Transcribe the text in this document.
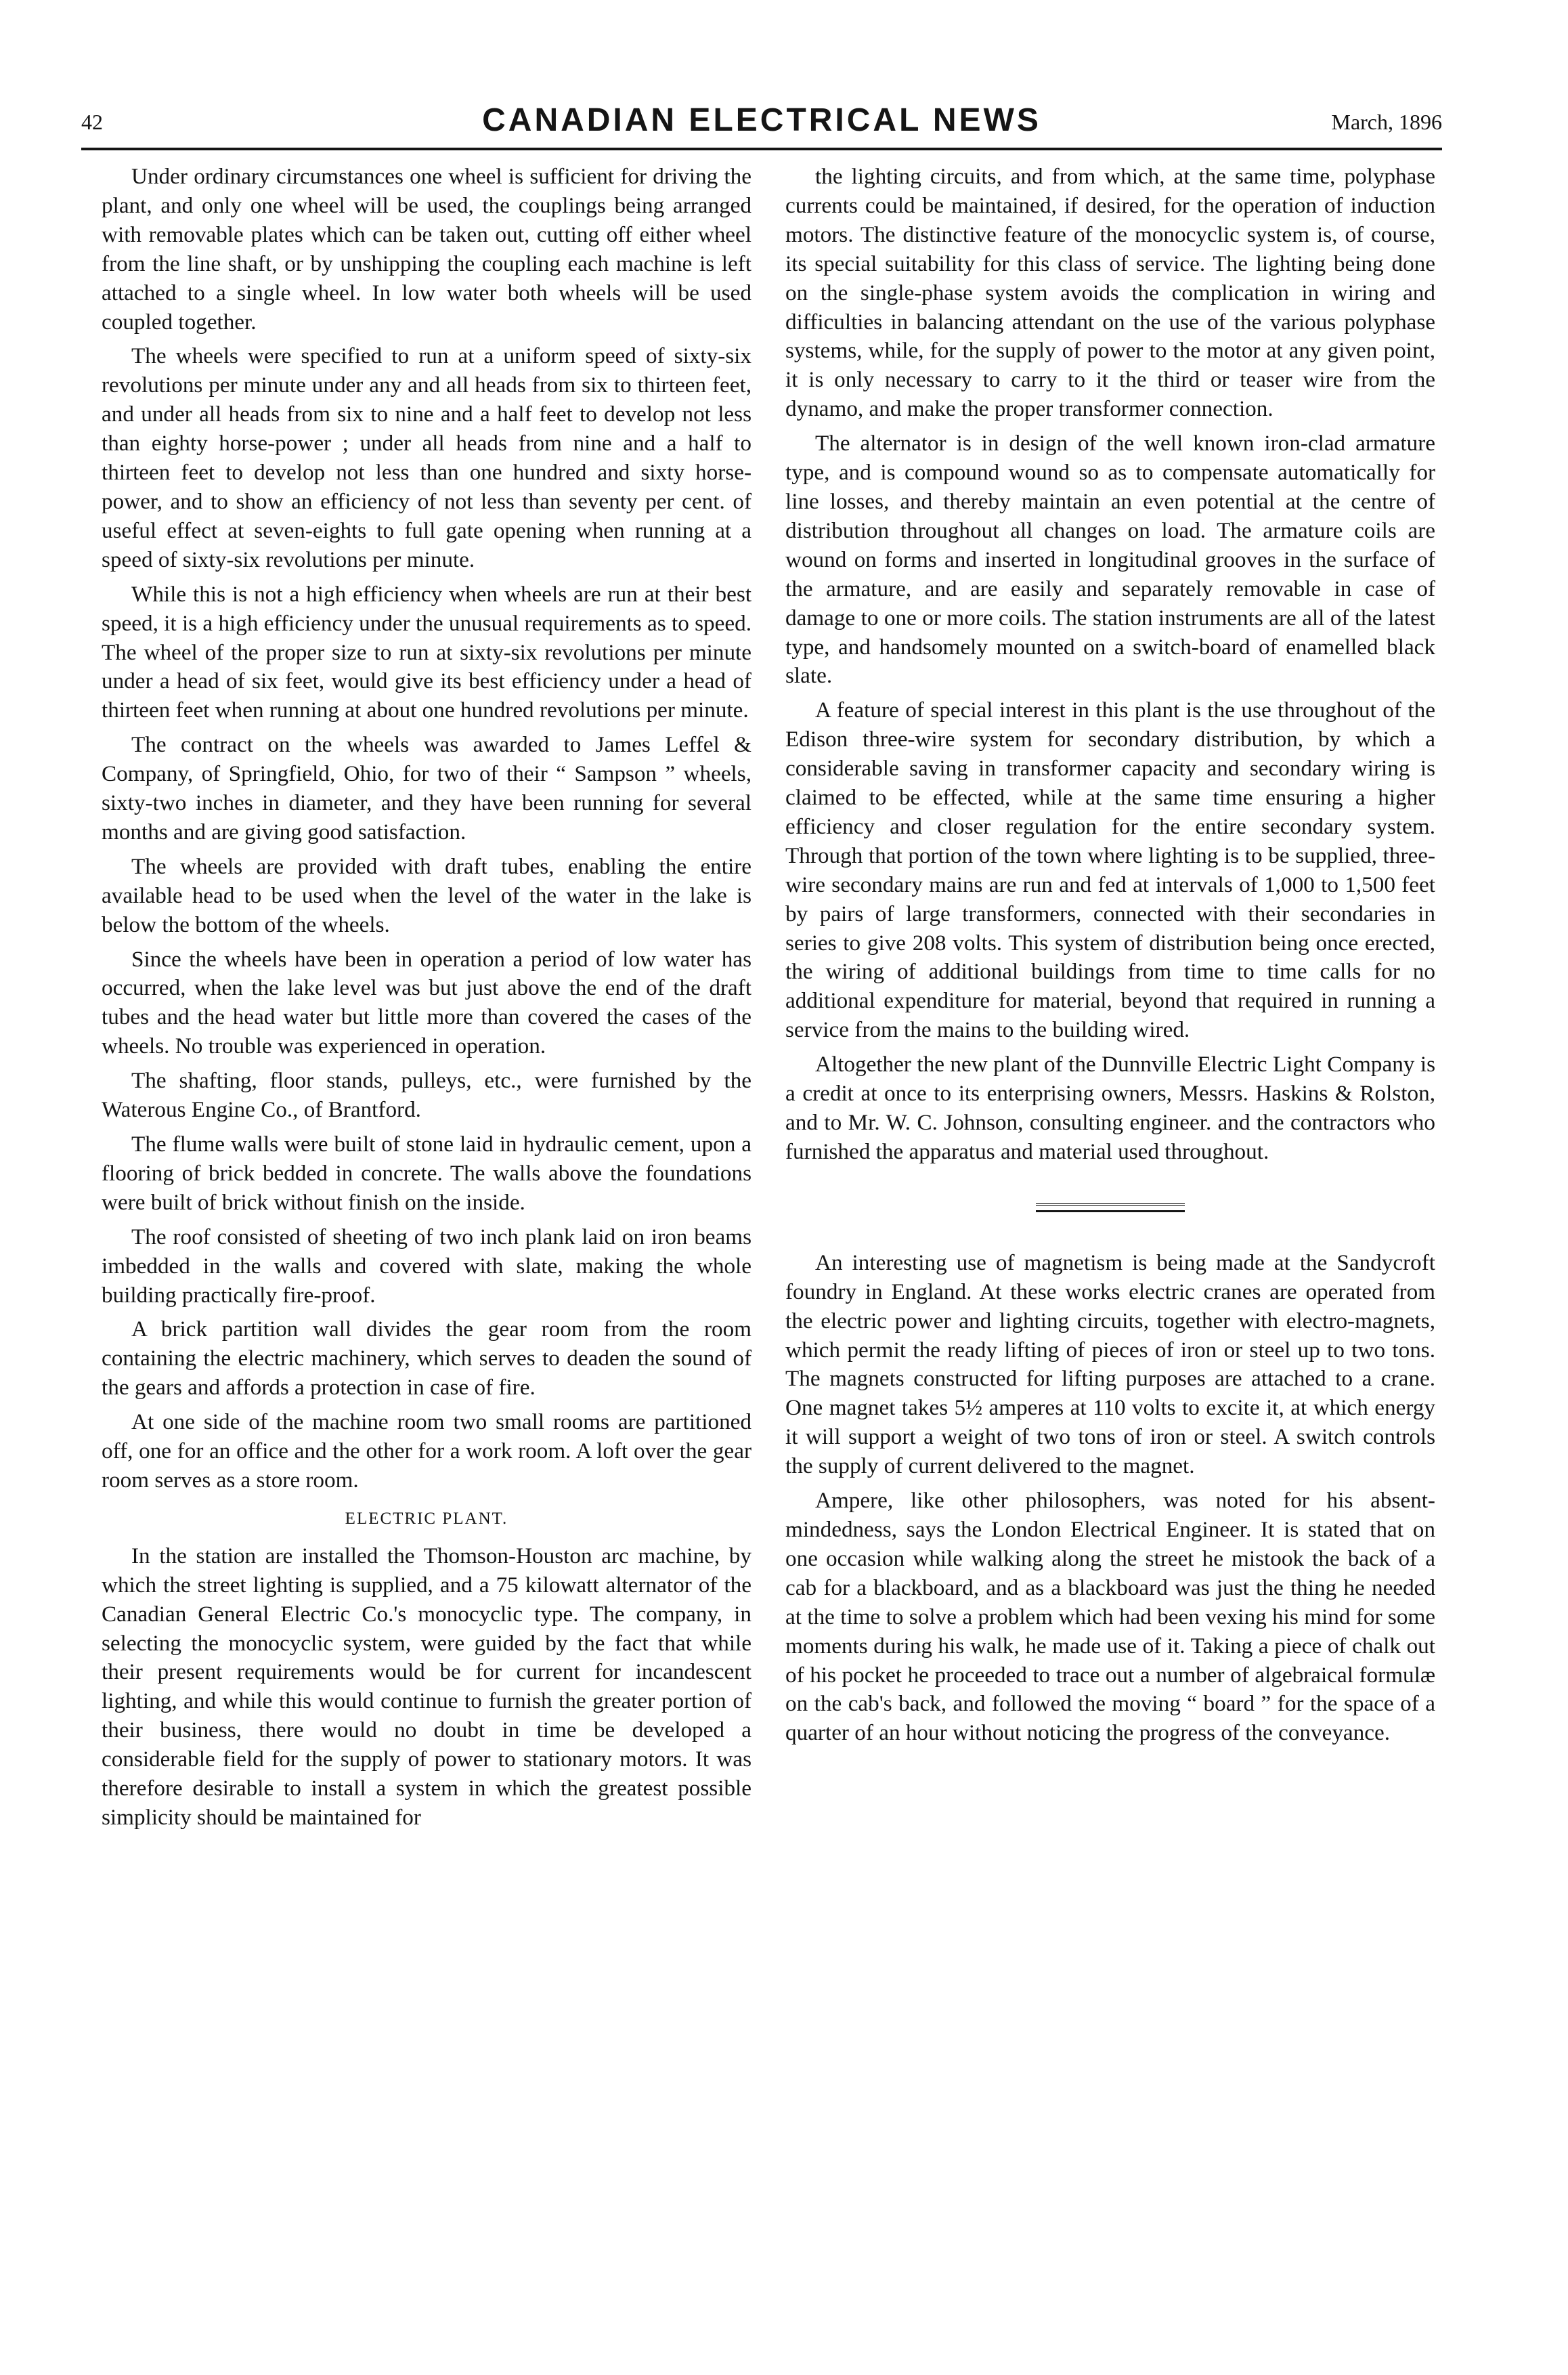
42	CANADIAN ELECTRICAL NEWS	March, 1896

Under ordinary circumstances one wheel is sufficient for driving the plant, and only one wheel will be used, the couplings being arranged with removable plates which can be taken out, cutting off either wheel from the line shaft, or by unshipping the coupling each machine is left attached to a single wheel. In low water both wheels will be used coupled together.

The wheels were specified to run at a uniform speed of sixty-six revolutions per minute under any and all heads from six to thirteen feet, and under all heads from six to nine and a half feet to develop not less than eighty horse-power ; under all heads from nine and a half to thirteen feet to develop not less than one hundred and sixty horse-power, and to show an efficiency of not less than seventy per cent. of useful effect at seven-eights to full gate opening when running at a speed of sixty-six revolutions per minute.

While this is not a high efficiency when wheels are run at their best speed, it is a high efficiency under the unusual requirements as to speed. The wheel of the proper size to run at sixty-six revolutions per minute under a head of six feet, would give its best efficiency under a head of thirteen feet when running at about one hundred revolutions per minute.

The contract on the wheels was awarded to James Leffel & Company, of Springfield, Ohio, for two of their “ Sampson ” wheels, sixty-two inches in diameter, and they have been running for several months and are giving good satisfaction.

The wheels are provided with draft tubes, enabling the entire available head to be used when the level of the water in the lake is below the bottom of the wheels.

Since the wheels have been in operation a period of low water has occurred, when the lake level was but just above the end of the draft tubes and the head water but little more than covered the cases of the wheels. No trouble was experienced in operation.

The shafting, floor stands, pulleys, etc., were furnished by the Waterous Engine Co., of Brantford.

The flume walls were built of stone laid in hydraulic cement, upon a flooring of brick bedded in concrete. The walls above the foundations were built of brick without finish on the inside.

The roof consisted of sheeting of two inch plank laid on iron beams imbedded in the walls and covered with slate, making the whole building practically fire-proof.

A brick partition wall divides the gear room from the room containing the electric machinery, which serves to deaden the sound of the gears and affords a protection in case of fire.

At one side of the machine room two small rooms are partitioned off, one for an office and the other for a work room. A loft over the gear room serves as a store room.

ELECTRIC PLANT.

In the station are installed the Thomson-Houston arc machine, by which the street lighting is supplied, and a 75 kilowatt alternator of the Canadian General Electric Co.'s monocyclic type. The company, in selecting the monocyclic system, were guided by the fact that while their present requirements would be for current for incandescent lighting, and while this would continue to furnish the greater portion of their business, there would no doubt in time be developed a considerable field for the supply of power to stationary motors. It was therefore desirable to install a system in which the greatest possible simplicity should be maintained for

the lighting circuits, and from which, at the same time, polyphase currents could be maintained, if desired, for the operation of induction motors. The distinctive feature of the monocyclic system is, of course, its special suitability for this class of service. The lighting being done on the single-phase system avoids the complication in wiring and difficulties in balancing attendant on the use of the various polyphase systems, while, for the supply of power to the motor at any given point, it is only necessary to carry to it the third or teaser wire from the dynamo, and make the proper transformer connection.

The alternator is in design of the well known iron-clad armature type, and is compound wound so as to compensate automatically for line losses, and thereby maintain an even potential at the centre of distribution throughout all changes on load. The armature coils are wound on forms and inserted in longitudinal grooves in the surface of the armature, and are easily and separately removable in case of damage to one or more coils. The station instruments are all of the latest type, and handsomely mounted on a switch-board of enamelled black slate.

A feature of special interest in this plant is the use throughout of the Edison three-wire system for secondary distribution, by which a considerable saving in transformer capacity and secondary wiring is claimed to be effected, while at the same time ensuring a higher efficiency and closer regulation for the entire secondary system. Through that portion of the town where lighting is to be supplied, three-wire secondary mains are run and fed at intervals of 1,000 to 1,500 feet by pairs of large transformers, connected with their secondaries in series to give 208 volts. This system of distribution being once erected, the wiring of additional buildings from time to time calls for no additional expenditure for material, beyond that required in running a service from the mains to the building wired.

Altogether the new plant of the Dunnville Electric Light Company is a credit at once to its enterprising owners, Messrs. Haskins & Rolston, and to Mr. W. C. Johnson, consulting engineer. and the contractors who furnished the apparatus and material used throughout.

An interesting use of magnetism is being made at the Sandycroft foundry in England. At these works electric cranes are operated from the electric power and lighting circuits, together with electro-magnets, which permit the ready lifting of pieces of iron or steel up to two tons. The magnets constructed for lifting purposes are attached to a crane. One magnet takes 5½ amperes at 110 volts to excite it, at which energy it will support a weight of two tons of iron or steel. A switch controls the supply of current delivered to the magnet.

Ampere, like other philosophers, was noted for his absent-mindedness, says the London Electrical Engineer. It is stated that on one occasion while walking along the street he mistook the back of a cab for a blackboard, and as a blackboard was just the thing he needed at the time to solve a problem which had been vexing his mind for some moments during his walk, he made use of it. Taking a piece of chalk out of his pocket he proceeded to trace out a number of algebraical formulæ on the cab's back, and followed the moving “ board ” for the space of a quarter of an hour without noticing the progress of the conveyance.
